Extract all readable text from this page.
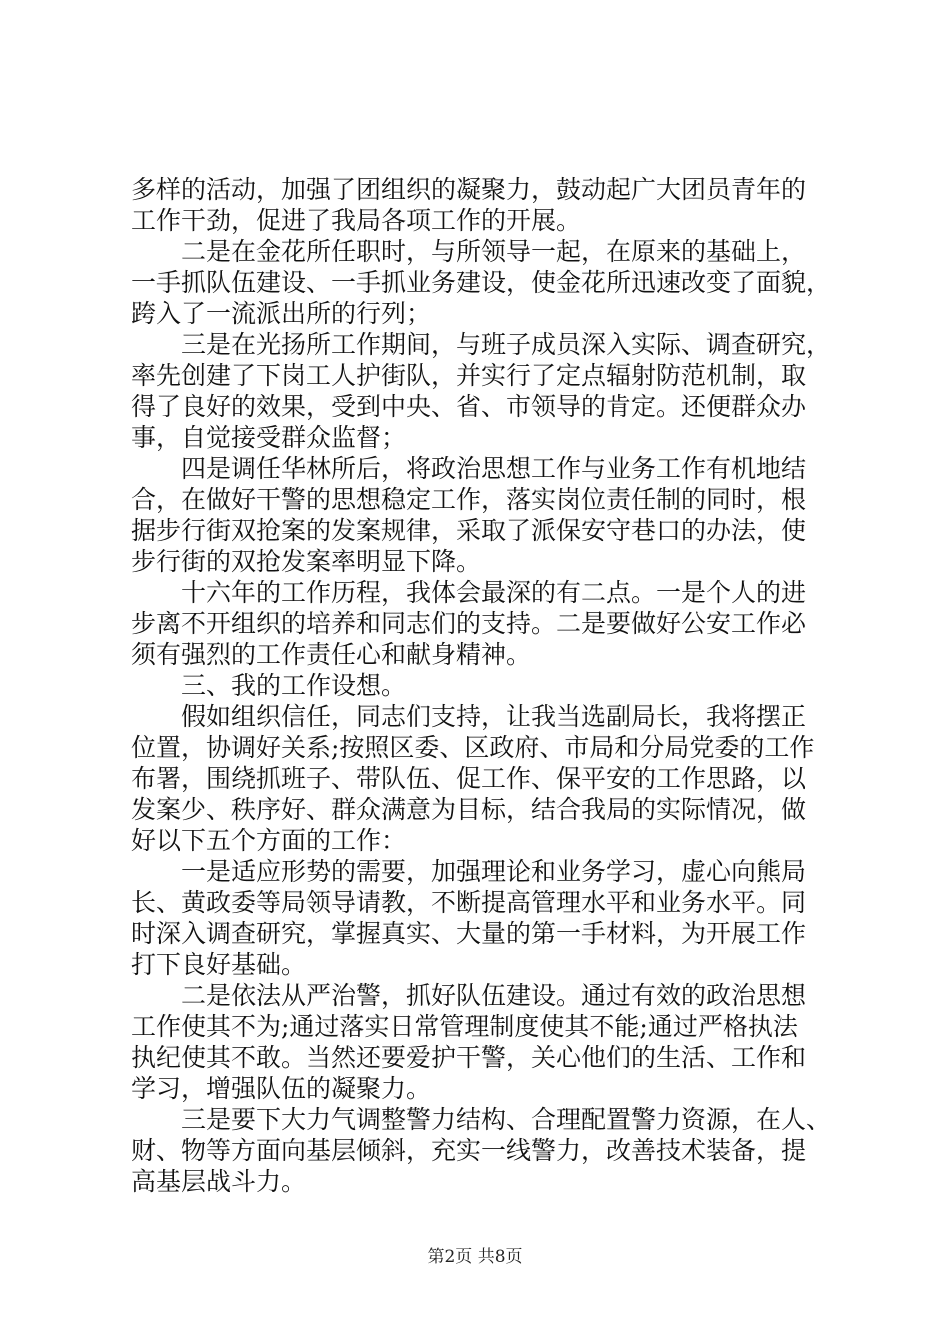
多样的活动，加强了团组织的凝聚力，鼓动起广大团员青年的
工作干劲，促进了我局各项工作的开展。
二是在金花所任职时，与所领导一起，在原来的基础上，
一手抓队伍建设、一手抓业务建设，使金花所迅速改变了面貌，
跨入了一流派出所的行列；
三是在光扬所工作期间，与班子成员深入实际、调查研究，
率先创建了下岗工人护街队，并实行了定点辐射防范机制，取
得了良好的效果，受到中央、省、市领导的肯定。还便群众办
事，自觉接受群众监督；
四是调任华林所后，将政治思想工作与业务工作有机地结
合，在做好干警的思想稳定工作，落实岗位责任制的同时，根
据步行街双抢案的发案规律，采取了派保安守巷口的办法，使
步行街的双抢发案率明显下降。
十六年的工作历程，我体会最深的有二点。一是个人的进
步离不开组织的培养和同志们的支持。二是要做好公安工作必
须有强烈的工作责任心和献身精神。
三、我的工作设想。
假如组织信任，同志们支持，让我当选副局长，我将摆正
位置，协调好关系;按照区委、区政府、市局和分局党委的工作
布署，围绕抓班子、带队伍、促工作、保平安的工作思路，以
发案少、秩序好、群众满意为目标，结合我局的实际情况，做
好以下五个方面的工作：
一是适应形势的需要，加强理论和业务学习，虚心向熊局
长、黄政委等局领导请教，不断提高管理水平和业务水平。同
时深入调查研究，掌握真实、大量的第一手材料，为开展工作
打下良好基础。
二是依法从严治警，抓好队伍建设。通过有效的政治思想
工作使其不为;通过落实日常管理制度使其不能;通过严格执法
执纪使其不敢。当然还要爱护干警，关心他们的生活、工作和
学习，增强队伍的凝聚力。
三是要下大力气调整警力结构、合理配置警力资源，在人、
财、物等方面向基层倾斜，充实一线警力，改善技术装备，提
高基层战斗力。
第2页 共8页
